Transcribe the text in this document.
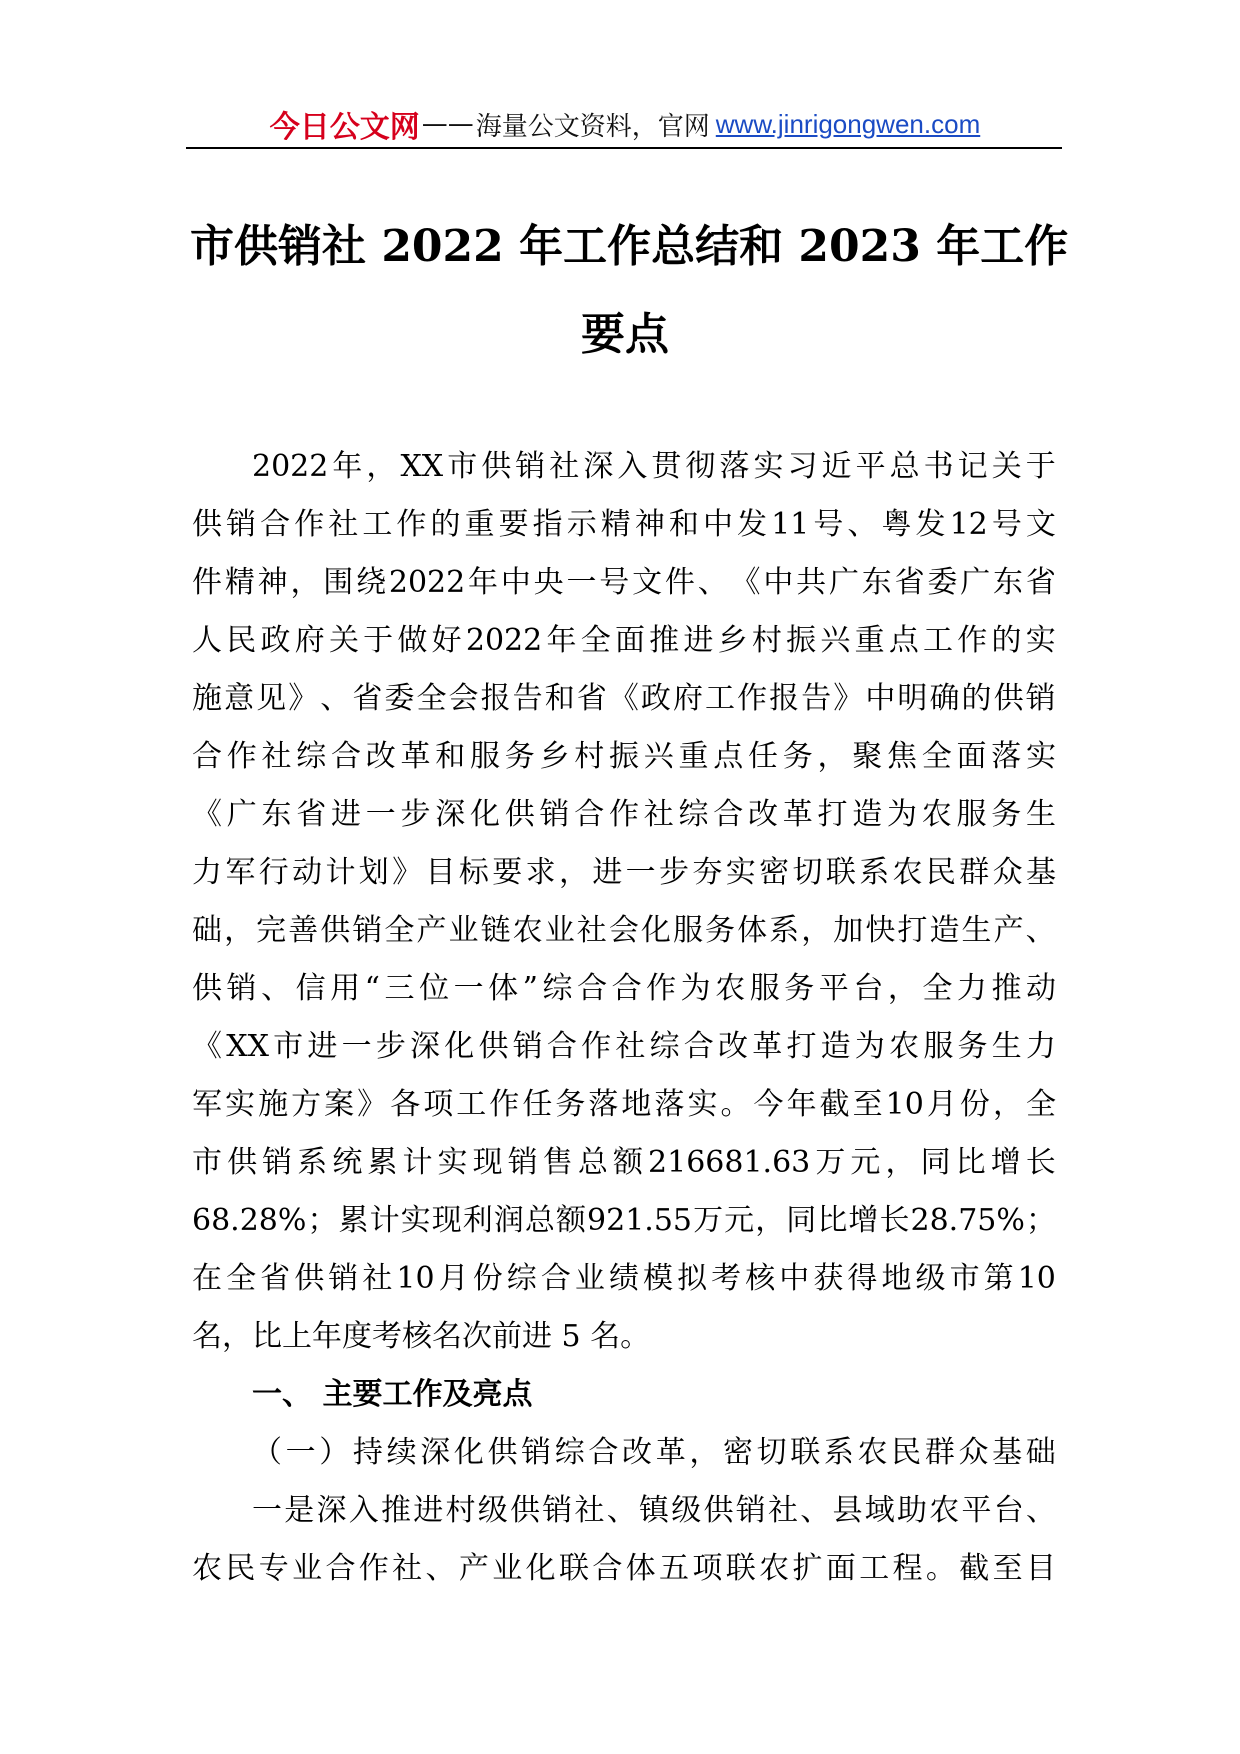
今日公文网 —— 海量公文资料，官网 www.jinrigongwen.com
市供销社 2022 年工作总结和 2023 年工作
要点
2022 年 ， XX 市 供 销 社 深 入 贯 彻 落 实 习 近 平 总 书 记 关 于
供 销 合 作 社 工 作 的 重 要 指 示 精 神 和 中 发 11 号 、 粤 发 12 号 文
件 精 神 ， 围 绕 2022 年 中 央 一 号 文 件 、 《 中 共 广 东 省 委 广 东 省
人 民 政 府 关 于 做 好 2022 年 全 面 推 进 乡 村 振 兴 重 点 工 作 的 实
施 意 见 》 、 省 委 全 会 报 告 和 省 《 政 府 工 作 报 告 》 中 明 确 的 供 销
合 作 社 综 合 改 革 和 服 务 乡 村 振 兴 重 点 任 务 ， 聚 焦 全 面 落 实
《 广 东 省 进 一 步 深 化 供 销 合 作 社 综 合 改 革 打 造 为 农 服 务 生
力 军 行 动 计 划 》 目 标 要 求 ， 进 一 步 夯 实 密 切 联 系 农 民 群 众 基
础 ， 完 善 供 销 全 产 业 链 农 业 社 会 化 服 务 体 系 ， 加 快 打 造 生 产 、
供 销 、 信 用 “ 三 位 一 体 ” 综 合 合 作 为 农 服 务 平 台 ， 全 力 推 动
《 XX 市 进 一 步 深 化 供 销 合 作 社 综 合 改 革 打 造 为 农 服 务 生 力
军 实 施 方 案 》 各 项 工 作 任 务 落 地 落 实 。 今 年 截 至 10 月 份 ， 全
市 供 销 系 统 累 计 实 现 销 售 总 额 216681.63 万 元 ， 同 比 增 长
68.28% ； 累 计 实 现 利 润 总 额 921.55 万 元 ， 同 比 增 长 28.75% ；
在 全 省 供 销 社 10 月 份 综 合 业 绩 模 拟 考 核 中 获 得 地 级 市 第 10
名，比上年度考核名次前进 5 名。
一、 主要工作及亮点
（ 一 ） 持 续 深 化 供 销 综 合 改 革 ， 密 切 联 系 农 民 群 众 基 础
一 是 深 入 推 进 村 级 供 销 社 、 镇 级 供 销 社 、 县 域 助 农 平 台 、
农 民 专 业 合 作 社 、 产 业 化 联 合 体 五 项 联 农 扩 面 工 程 。 截 至 目
